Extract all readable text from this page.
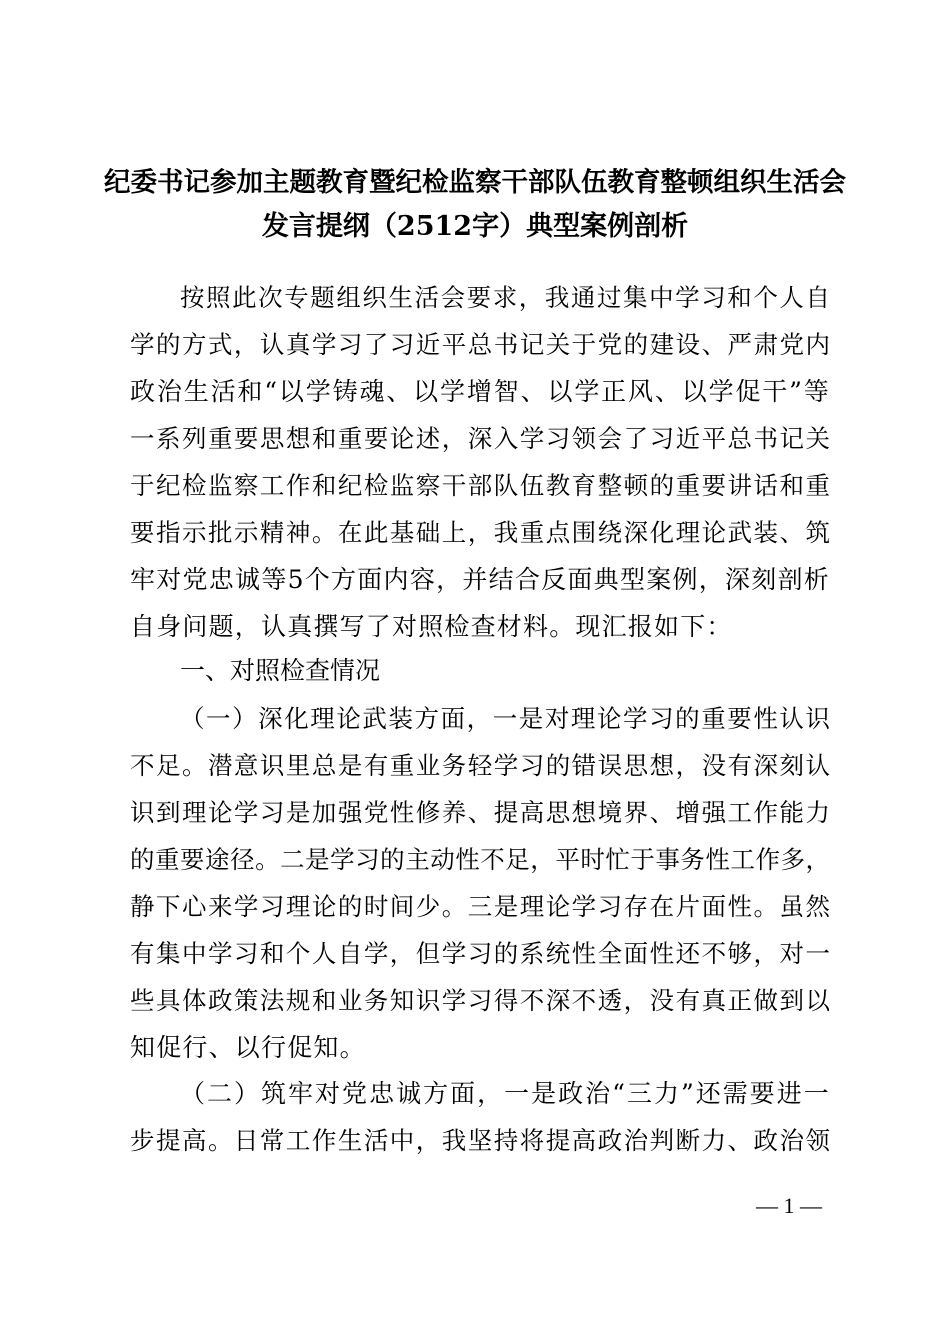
纪委书记参加主题教育暨纪检监察干部队伍教育整顿组织生活会
发言提纲（2512字）典型案例剖析
按照此次专题组织生活会要求，我通过集中学习和个人自
学的方式，认真学习了习近平总书记关于党的建设、严肃党内
政治生活和“以学铸魂、以学增智、以学正风、以学促干”等
一系列重要思想和重要论述，深入学习领会了习近平总书记关
于纪检监察工作和纪检监察干部队伍教育整顿的重要讲话和重
要指示批示精神。在此基础上，我重点围绕深化理论武装、筑
牢对党忠诚等5个方面内容，并结合反面典型案例，深刻剖析
自身问题，认真撰写了对照检查材料。现汇报如下：
一、对照检查情况
（一）深化理论武装方面，一是对理论学习的重要性认识
不足。潜意识里总是有重业务轻学习的错误思想，没有深刻认
识到理论学习是加强党性修养、提高思想境界、增强工作能力
的重要途径。二是学习的主动性不足，平时忙于事务性工作多，
静下心来学习理论的时间少。三是理论学习存在片面性。虽然
有集中学习和个人自学，但学习的系统性全面性还不够，对一
些具体政策法规和业务知识学习得不深不透，没有真正做到以
知促行、以行促知。
（二）筑牢对党忠诚方面，一是政治“三力”还需要进一
步提高。日常工作生活中，我坚持将提高政治判断力、政治领
— 1 —
